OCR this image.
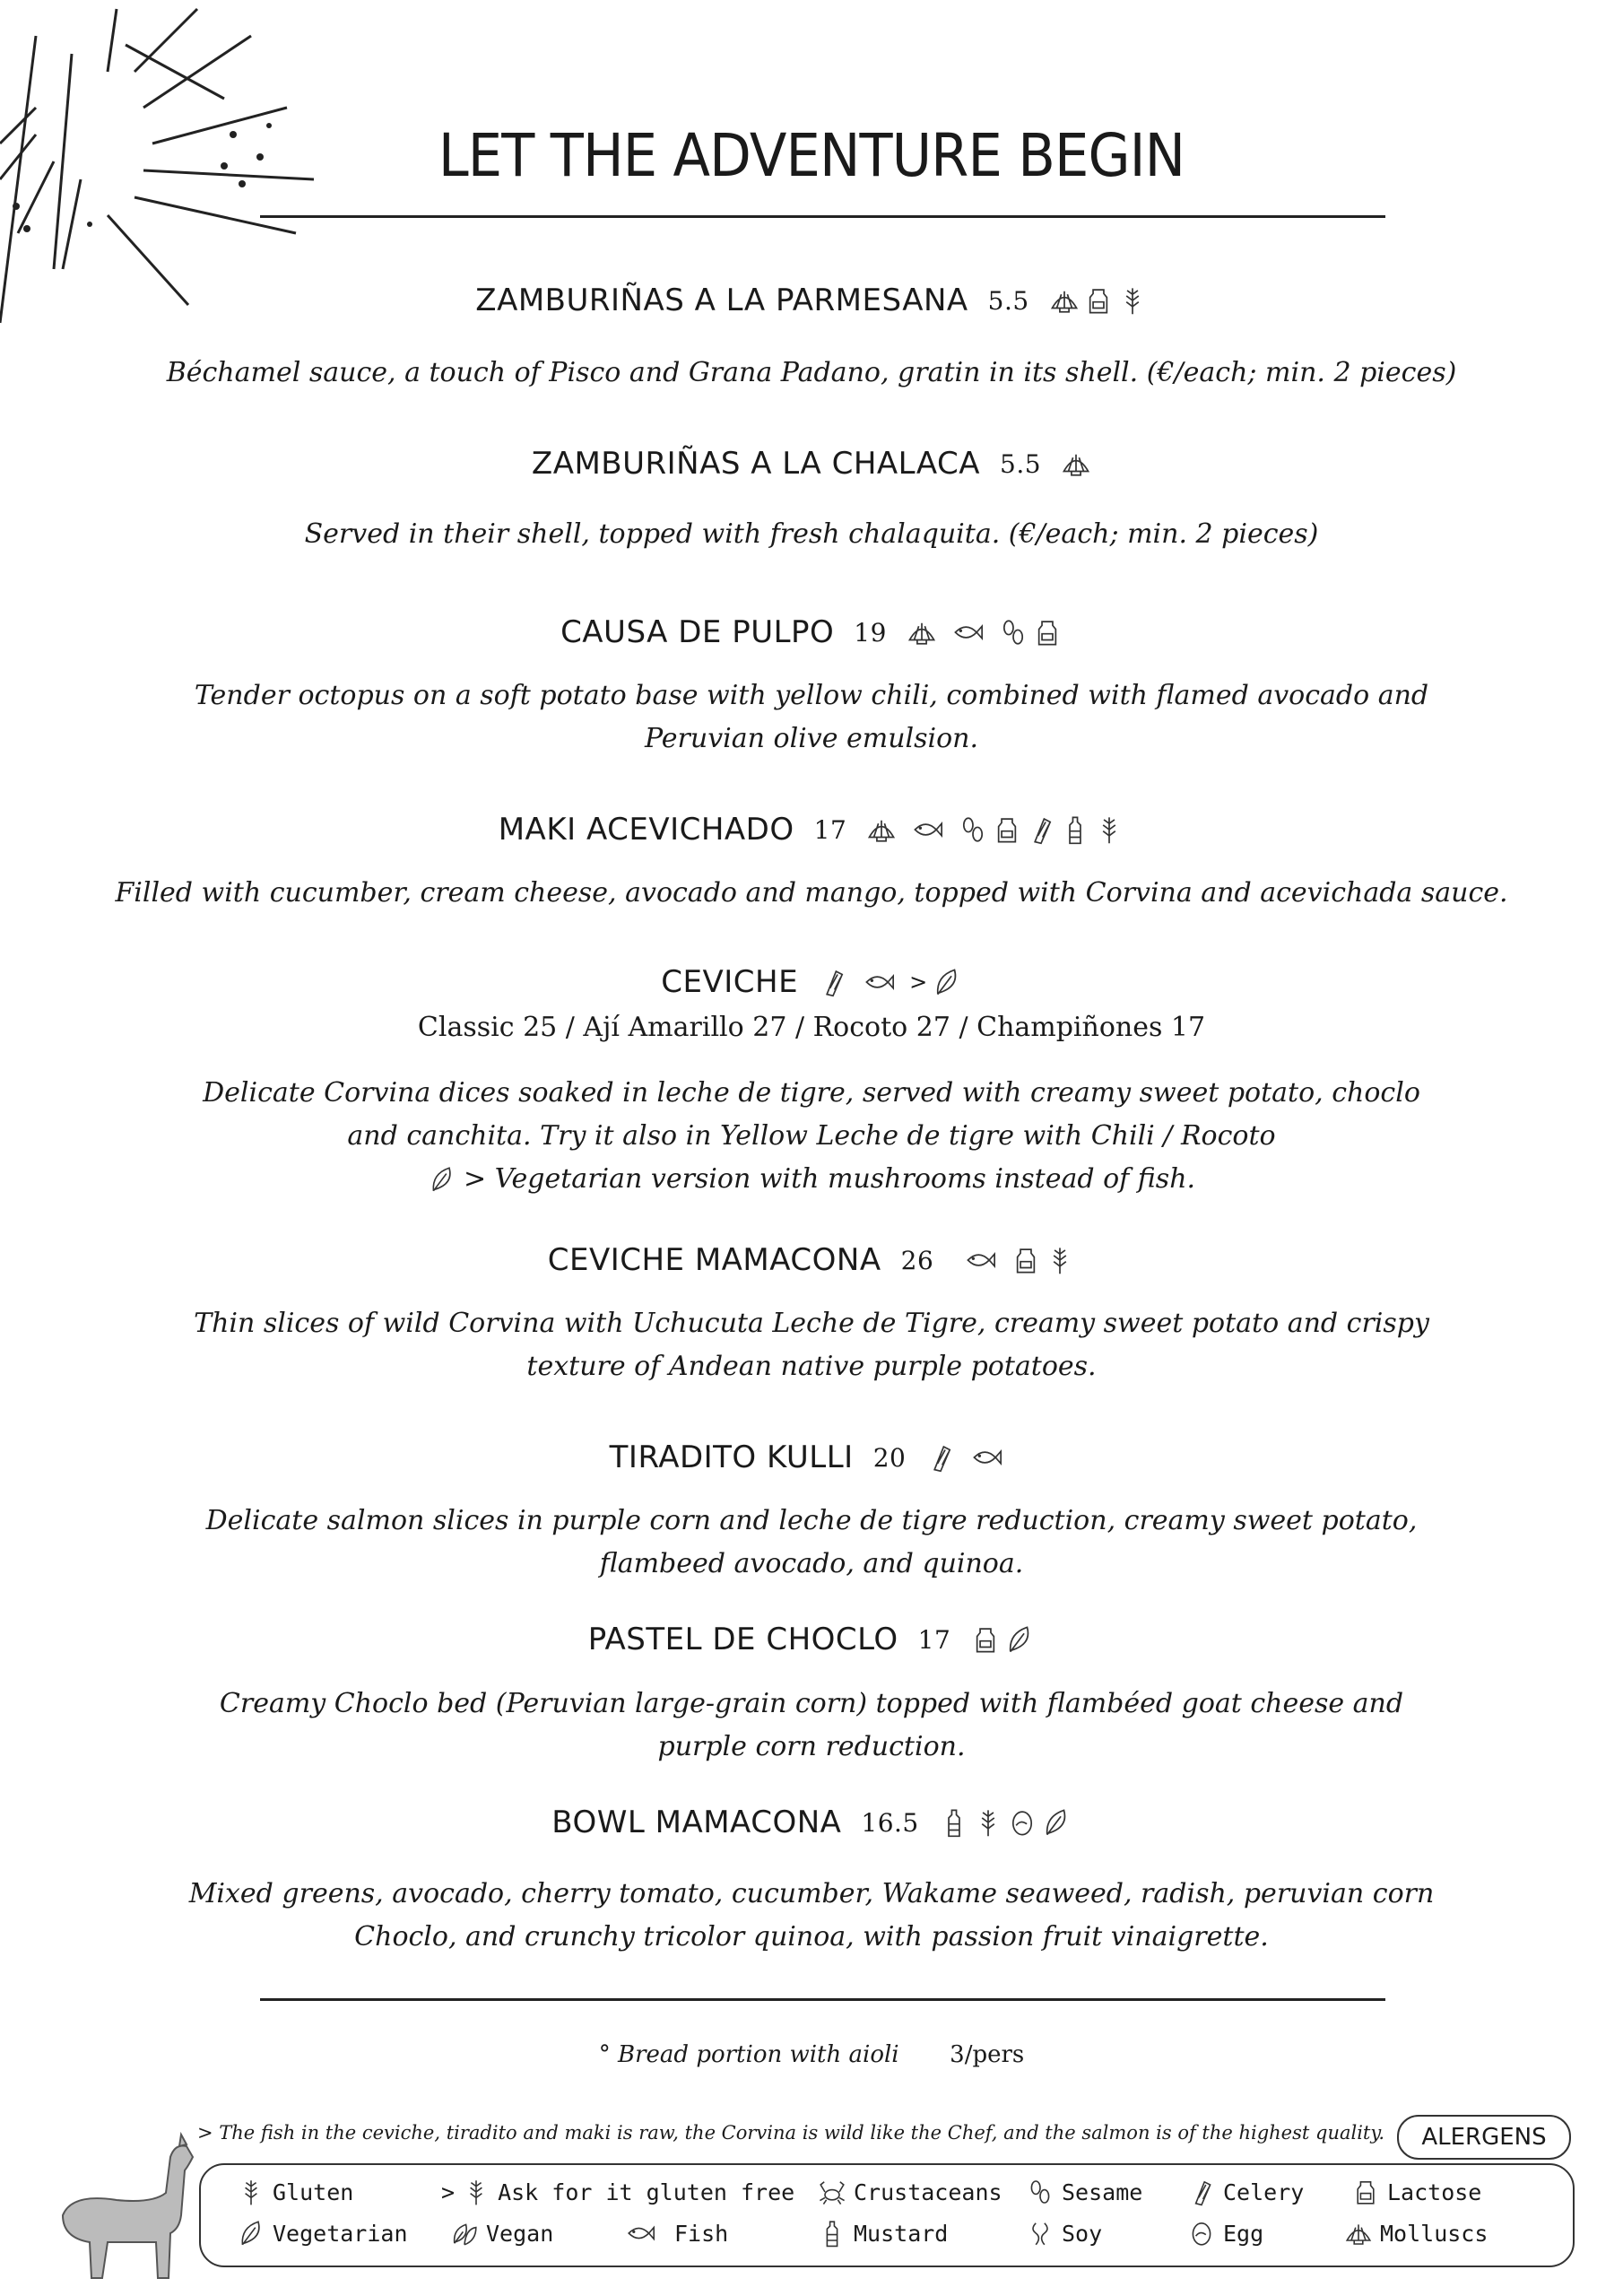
LET THE ADVENTURE BEGIN
ZAMBURIÑAS A LA PARMESANA 5.5
Béchamel sauce, a touch of Pisco and Grana Padano, gratin in its shell. (€/each; min. 2 pieces)
ZAMBURIÑAS A LA CHALACA 5.5
Served in their shell, topped with fresh chalaquita. (€/each; min. 2 pieces)
CAUSA DE PULPO 19
Tender octopus on a soft potato base with yellow chili, combined with flamed avocado and
Peruvian olive emulsion.
MAKI ACEVICHADO 17
Filled with cucumber, cream cheese, avocado and mango, topped with Corvina and acevichada sauce.
CEVICHE	>
Classic 25 / Ají Amarillo 27 / Rocoto 27 / Champiñones 17
Delicate Corvina dices soaked in leche de tigre, served with creamy sweet potato, choclo
and canchita. Try it also in Yellow Leche de tigre with Chili / Rocoto
> Vegetarian version with mushrooms instead of fish.
CEVICHE MAMACONA 26
Thin slices of wild Corvina with Uchucuta Leche de Tigre, creamy sweet potato and crispy
texture of Andean native purple potatoes.
TIRADITO KULLI 20
Delicate salmon slices in purple corn and leche de tigre reduction, creamy sweet potato,
flambeed avocado, and quinoa.
PASTEL DE CHOCLO 17
Creamy Choclo bed (Peruvian large-grain corn) topped with flambéed goat cheese and
purple corn reduction.
BOWL MAMACONA 16.5
Mixed greens, avocado, cherry tomato, cucumber, Wakame seaweed, radish, peruvian corn
Choclo, and crunchy tricolor quinoa, with passion fruit vinaigrette.
° Bread portion with aioli 3/pers
> The fish in the ceviche, tiradito and maki is raw, the Corvina is wild like the Chef, and the salmon is of the highest quality.	ALERGENS
Gluten	> Ask for it gluten free	Crustaceans	Sesame	Celery	Lactose
Vegetarian	Vegan	Fish	Mustard	Soy	Egg	Molluscs
